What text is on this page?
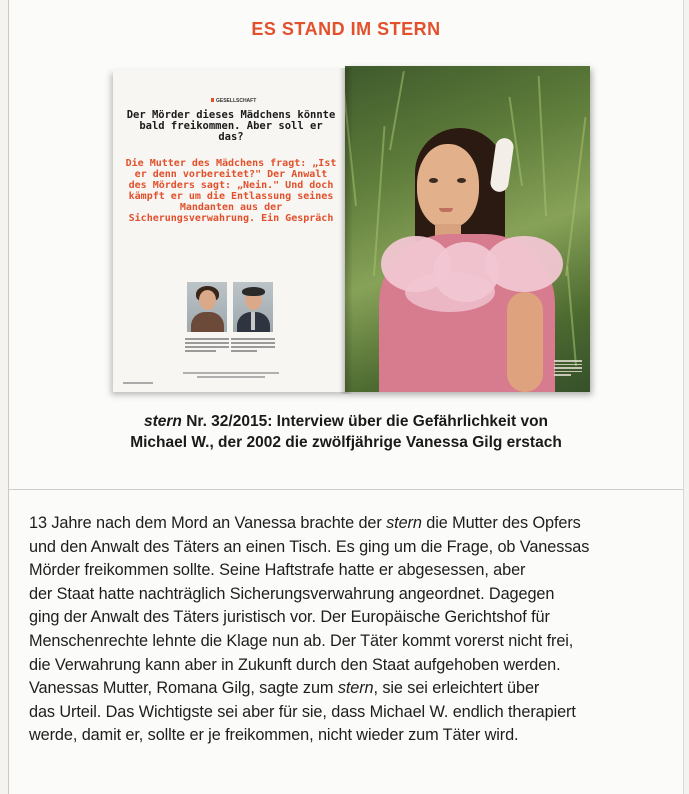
ES STAND IM STERN
GESELLSCHAFT
Der Mörder dieses Mädchens könnte bald freikommen. Aber soll er das?
Die Mutter des Mädchens fragt: „Ist er denn vorbereitet?" Der Anwalt des Mörders sagt: „Nein." Und doch kämpft er um die Entlassung seines Mandanten aus der Sicherungsverwahrung. Ein Gespräch
stern Nr. 32/2015: Interview über die Gefährlichkeit von
Michael W., der 2002 die zwölfjährige Vanessa Gilg erstach
13 Jahre nach dem Mord an Vanessa brachte der stern die Mutter des Opfers
und den Anwalt des Täters an einen Tisch. Es ging um die Frage, ob Vanessas
Mörder freikommen sollte. Seine Haftstrafe hatte er abgesessen, aber
der Staat hatte nachträglich Sicherungsverwahrung angeordnet. Dagegen
ging der Anwalt des Täters juristisch vor. Der Europäische Gerichtshof für
Menschenrechte lehnte die Klage nun ab. Der Täter kommt vorerst nicht frei,
die Verwahrung kann aber in Zukunft durch den Staat aufgehoben werden.
Vanessas Mutter, Romana Gilg, sagte zum stern, sie sei erleichtert über
das Urteil. Das Wichtigste sei aber für sie, dass Michael W. endlich therapiert
werde, damit er, sollte er je freikommen, nicht wieder zum Täter wird.
